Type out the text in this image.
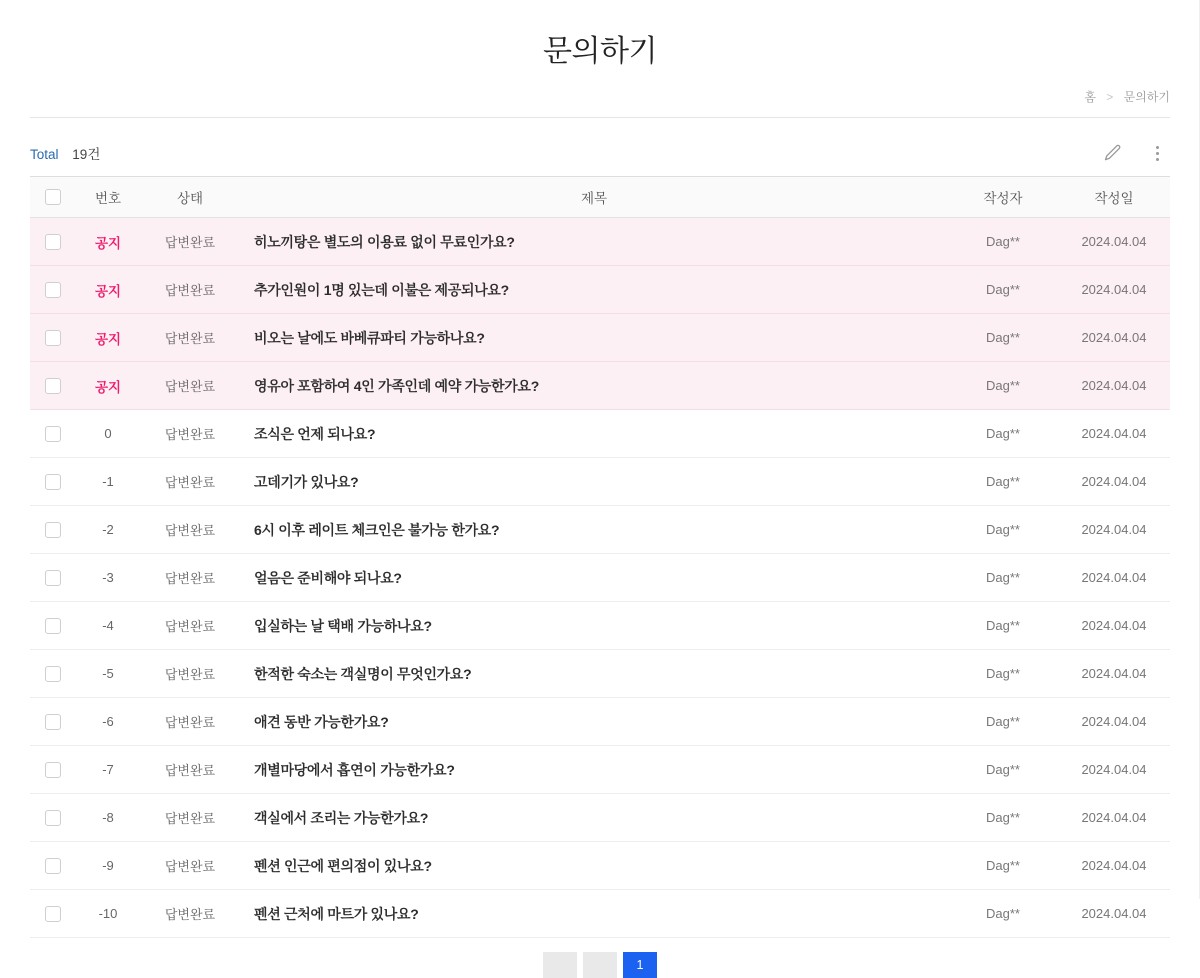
문의하기
홈 > 문의하기
Total 19건
	번호	상태	제목	작성자	작성일
	공지	답변완료	히노끼탕은 별도의 이용료 없이 무료인가요?	Dag**	2024.04.04
	공지	답변완료	추가인원이 1명 있는데 이불은 제공되나요?	Dag**	2024.04.04
	공지	답변완료	비오는 날에도 바베큐파티 가능하나요?	Dag**	2024.04.04
	공지	답변완료	영유아 포함하여 4인 가족인데 예약 가능한가요?	Dag**	2024.04.04
	0	답변완료	조식은 언제 되나요?	Dag**	2024.04.04
	-1	답변완료	고데기가 있나요?	Dag**	2024.04.04
	-2	답변완료	6시 이후 레이트 체크인은 불가능 한가요?	Dag**	2024.04.04
	-3	답변완료	얼음은 준비해야 되나요?	Dag**	2024.04.04
	-4	답변완료	입실하는 날 택배 가능하나요?	Dag**	2024.04.04
	-5	답변완료	한적한 숙소는 객실명이 무엇인가요?	Dag**	2024.04.04
	-6	답변완료	애견 동반 가능한가요?	Dag**	2024.04.04
	-7	답변완료	개별마당에서 흡연이 가능한가요?	Dag**	2024.04.04
	-8	답변완료	객실에서 조리는 가능한가요?	Dag**	2024.04.04
	-9	답변완료	펜션 인근에 편의점이 있나요?	Dag**	2024.04.04
	-10	답변완료	펜션 근처에 마트가 있나요?	Dag**	2024.04.04
1
